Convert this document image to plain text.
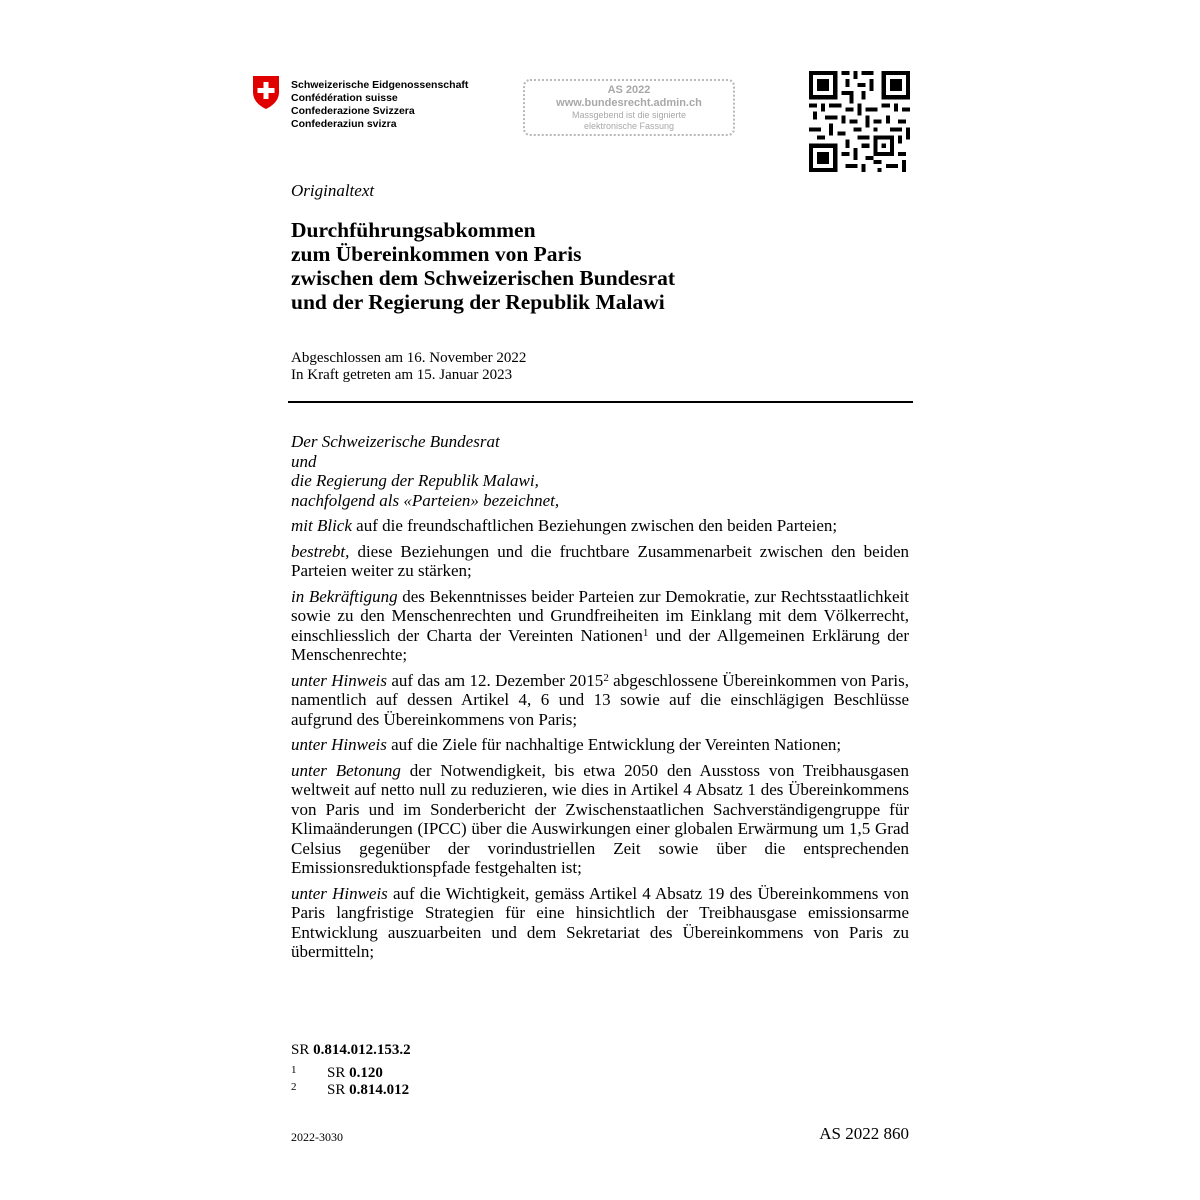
Schweizerische Eidgenossenschaft
Confédération suisse
Confederazione Svizzera
Confederaziun svizra
AS 2022
www.bundesrecht.admin.ch
Massgebend ist die signierte
elektronische Fassung
Originaltext
Durchführungsabkommen
zum Übereinkommen von Paris
zwischen dem Schweizerischen Bundesrat
und der Regierung der Republik Malawi
Abgeschlossen am 16. November 2022
In Kraft getreten am 15. Januar 2023
Der Schweizerische Bundesrat
und
die Regierung der Republik Malawi,
nachfolgend als «Parteien» bezeichnet,

mit Blick auf die freundschaftlichen Beziehungen zwischen den beiden Parteien;

bestrebt, diese Beziehungen und die fruchtbare Zusammenarbeit zwischen den beiden Parteien weiter zu stärken;

in Bekräftigung des Bekenntnisses beider Parteien zur Demokratie, zur Rechtsstaatlichkeit sowie zu den Menschenrechten und Grundfreiheiten im Einklang mit dem Völkerrecht, einschliesslich der Charta der Vereinten Nationen$^1$ und der Allgemeinen Erklärung der Menschenrechte;

unter Hinweis auf das am 12. Dezember 2015$^2$ abgeschlossene Übereinkommen von Paris, namentlich auf dessen Artikel 4, 6 und 13 sowie auf die einschlägigen Beschlüsse aufgrund des Übereinkommens von Paris;

unter Hinweis auf die Ziele für nachhaltige Entwicklung der Vereinten Nationen;

unter Betonung der Notwendigkeit, bis etwa 2050 den Ausstoss von Treibhausgasen weltweit auf netto null zu reduzieren, wie dies in Artikel 4 Absatz 1 des Übereinkommens von Paris und im Sonderbericht der Zwischenstaatlichen Sachverständigengruppe für Klimaänderungen (IPCC) über die Auswirkungen einer globalen Erwärmung um 1,5 Grad Celsius gegenüber der vorindustriellen Zeit sowie über die entsprechenden Emissionsreduktionspfade festgehalten ist;

unter Hinweis auf die Wichtigkeit, gemäss Artikel 4 Absatz 19 des Übereinkommens von Paris langfristige Strategien für eine hinsichtlich der Treibhausgase emissionsarme Entwicklung auszuarbeiten und dem Sekretariat des Übereinkommens von Paris zu übermitteln;

SR 0.814.012.153.2
1 SR 0.120
2 SR 0.814.012
2022-3030	AS 2022 860
